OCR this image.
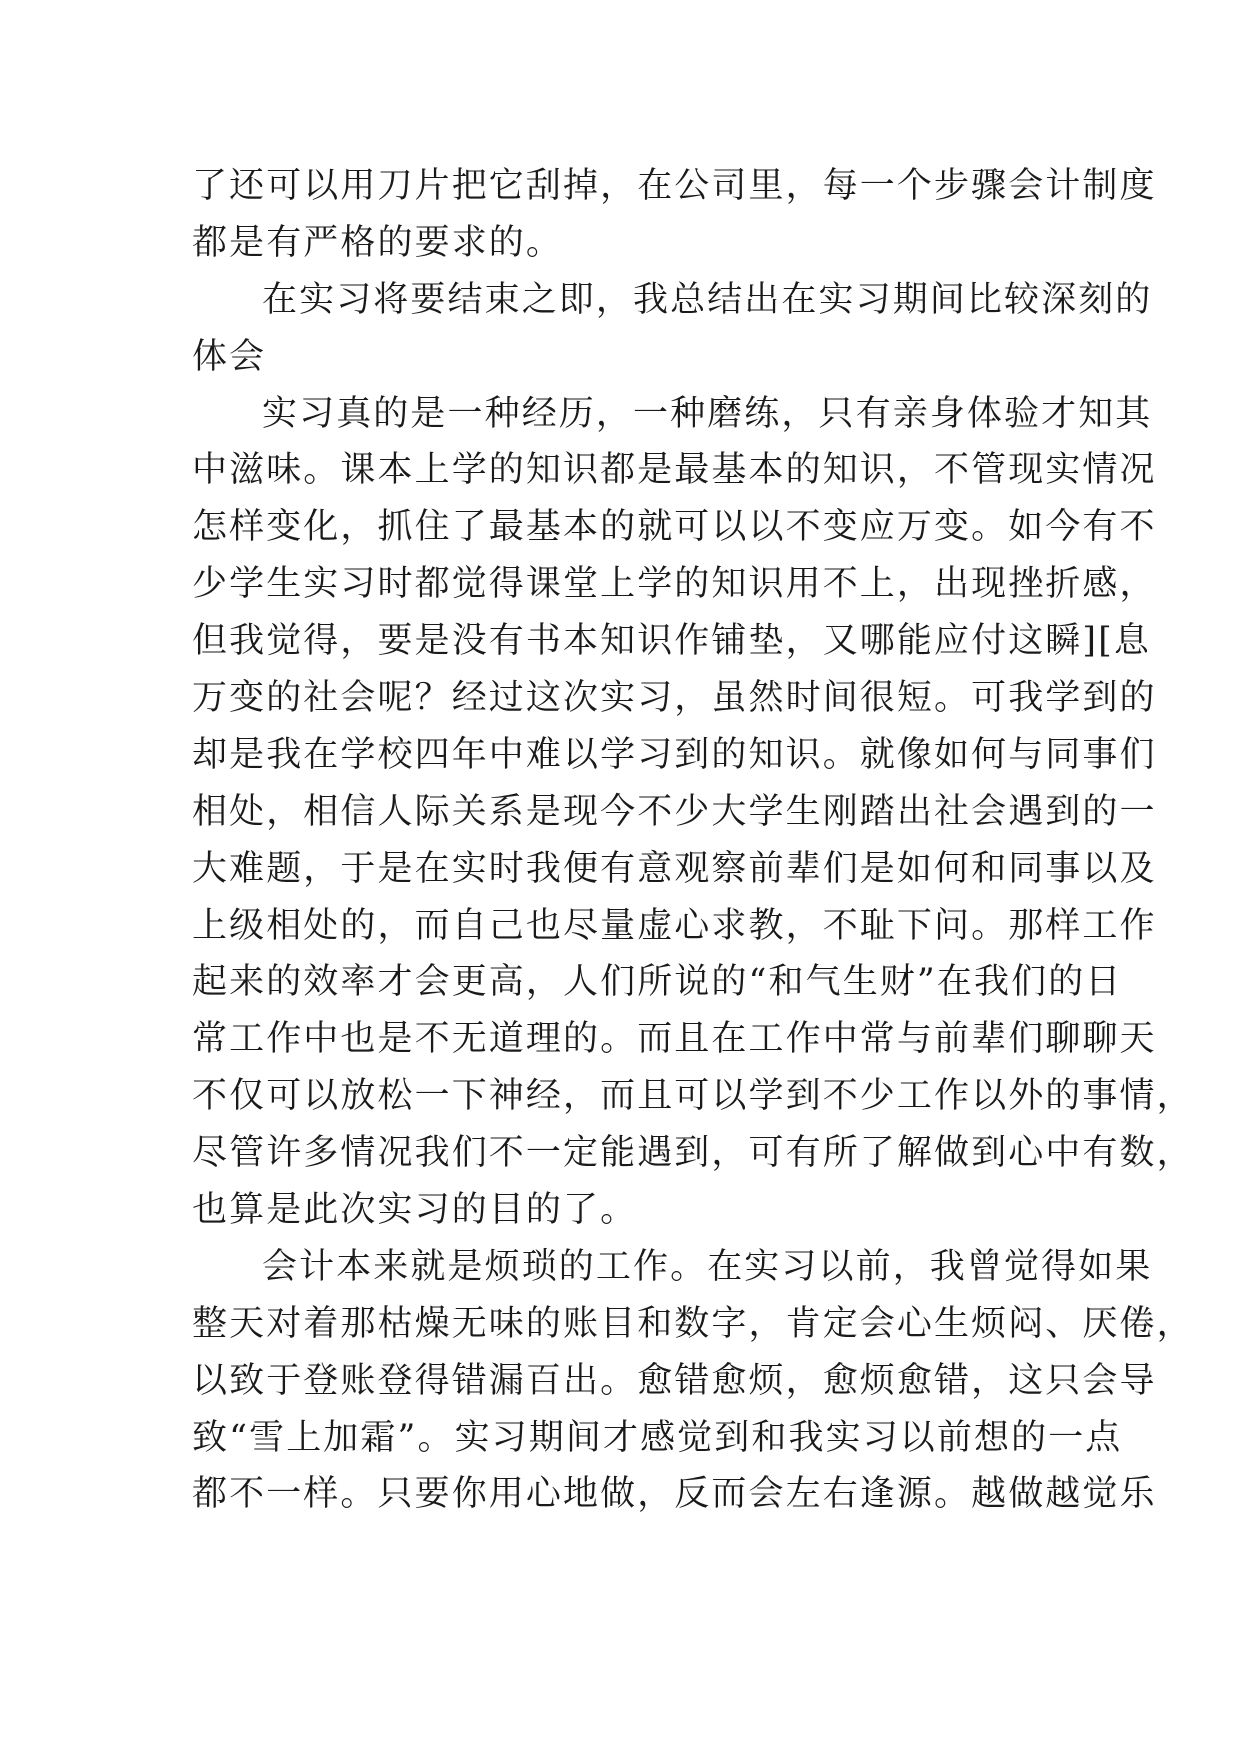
了还可以用刀片把它刮掉，在公司里，每一个步骤会计制度
都是有严格的要求的。
在实习将要结束之即，我总结出在实习期间比较深刻的
体会
实习真的是一种经历，一种磨练，只有亲身体验才知其
中滋味。课本上学的知识都是最基本的知识，不管现实情况
怎样变化，抓住了最基本的就可以以不变应万变。如今有不
少学生实习时都觉得课堂上学的知识用不上，出现挫折感，
但我觉得，要是没有书本知识作铺垫，又哪能应付这瞬][息
万变的社会呢？经过这次实习，虽然时间很短。可我学到的
却是我在学校四年中难以学习到的知识。就像如何与同事们
相处，相信人际关系是现今不少大学生刚踏出社会遇到的一
大难题，于是在实时我便有意观察前辈们是如何和同事以及
上级相处的，而自己也尽量虚心求教，不耻下问。那样工作
起来的效率才会更高，人们所说的“和气生财”在我们的日
常工作中也是不无道理的。而且在工作中常与前辈们聊聊天
不仅可以放松一下神经，而且可以学到不少工作以外的事情，
尽管许多情况我们不一定能遇到，可有所了解做到心中有数，
也算是此次实习的目的了。
会计本来就是烦琐的工作。在实习以前，我曾觉得如果
整天对着那枯燥无味的账目和数字，肯定会心生烦闷、厌倦，
以致于登账登得错漏百出。愈错愈烦，愈烦愈错，这只会导
致“雪上加霜”。实习期间才感觉到和我实习以前想的一点
都不一样。只要你用心地做，反而会左右逢源。越做越觉乐
